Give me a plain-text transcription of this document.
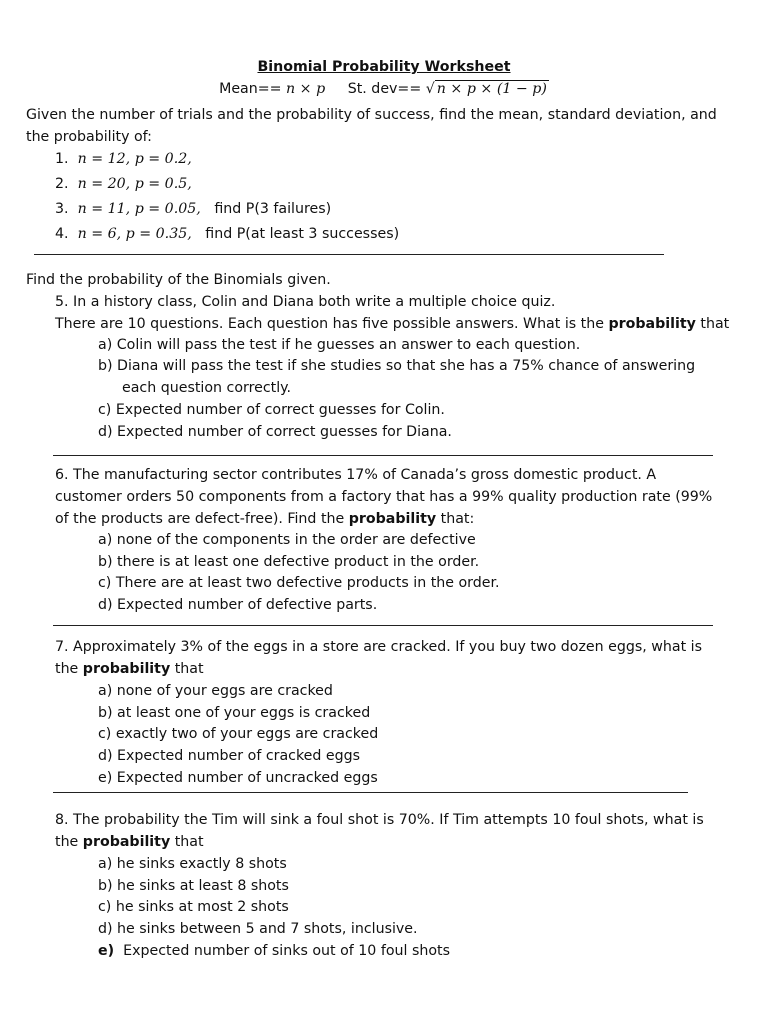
Binomial Probability Worksheet
Mean== n × p St. dev== √ n × p × (1 − p)
Given the number of trials and the probability of success, find the mean, standard deviation, and
the probability of:
1. n = 12, p = 0.2,
2. n = 20, p = 0.5,
3. n = 11, p = 0.05, find P(3 failures)
4. n = 6, p = 0.35, find P(at least 3 successes)
Find the probability of the Binomials given.
5. In a history class, Colin and Diana both write a multiple choice quiz.
There are 10 questions. Each question has five possible answers. What is the probability that
a) Colin will pass the test if he guesses an answer to each question.
b) Diana will pass the test if she studies so that she has a 75% chance of answering
each question correctly.
c) Expected number of correct guesses for Colin.
d) Expected number of correct guesses for Diana.
6. The manufacturing sector contributes 17% of Canada’s gross domestic product. A
customer orders 50 components from a factory that has a 99% quality production rate (99%
of the products are defect-free). Find the probability that:
a) none of the components in the order are defective
b) there is at least one defective product in the order.
c) There are at least two defective products in the order.
d) Expected number of defective parts.
7. Approximately 3% of the eggs in a store are cracked. If you buy two dozen eggs, what is
the probability that
a) none of your eggs are cracked
b) at least one of your eggs is cracked
c) exactly two of your eggs are cracked
d) Expected number of cracked eggs
e) Expected number of uncracked eggs
8. The probability the Tim will sink a foul shot is 70%. If Tim attempts 10 foul shots, what is
the probability that
a) he sinks exactly 8 shots
b) he sinks at least 8 shots
c) he sinks at most 2 shots
d) he sinks between 5 and 7 shots, inclusive.
e) Expected number of sinks out of 10 foul shots
